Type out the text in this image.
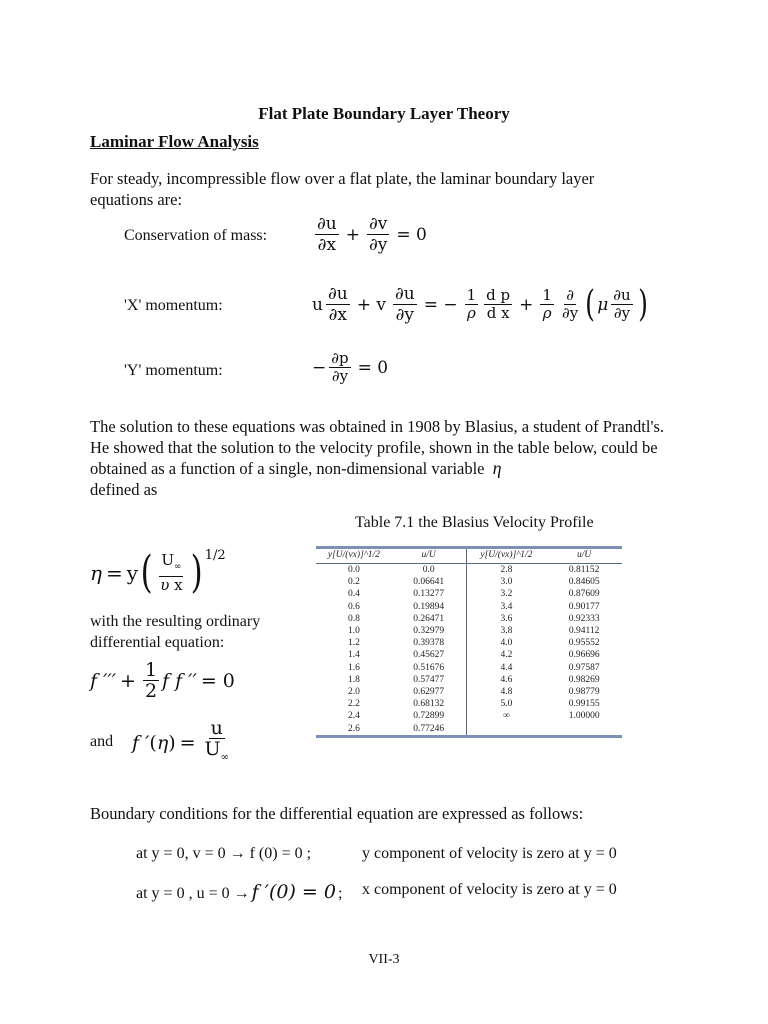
Flat Plate Boundary Layer Theory
Laminar Flow Analysis
For steady, incompressible flow over a flat plate, the laminar boundary layer equations are:
Conservation of mass:	$\frac{\partial u}{\partial x} + \frac{\partial v}{\partial y} = 0$
'X' momentum:	u $\frac{\partial u}{\partial x} + v \frac{\partial u}{\partial y}$ = − $\frac{1}{\rho} \frac{\text{d p}}{\text{d x}} + \frac{1}{\rho} \frac{\partial}{\partial y}$ ( μ $\frac{\partial u}{\partial y}$ )
'Y' momentum:	− $\frac{\partial p}{\partial y} = 0$
The solution to these equations was obtained in 1908 by Blasius, a student of Prandtl's. He showed that the solution to the velocity profile, shown in the table below, could be obtained as a function of a single, non-dimensional variable η
defined as
Table 7.1 the Blasius Velocity Profile
y[U/(νx)]^1/2	u/U	y[U/(νx)]^1/2	u/U
0.0	0.0	2.8	0.81152
0.2	0.06641	3.0	0.84605
0.4	0.13277	3.2	0.87609
0.6	0.19894	3.4	0.90177
0.8	0.26471	3.6	0.92333
1.0	0.32979	3.8	0.94112
1.2	0.39378	4.0	0.95552
1.4	0.45627	4.2	0.96696
1.6	0.51676	4.4	0.97587
1.8	0.57477	4.6	0.98269
2.0	0.62977	4.8	0.98779
2.2	0.68132	5.0	0.99155
2.4	0.72899	∞	1.00000
2.6	0.77246		
η = y ( $\frac{U_\infty}{\text{υ x}} )^{1/2}$
with the resulting ordinary differential equation:
f ′′′ + $\frac{1}{2}$ f f ′′ = 0
and f ′ ( η ) = $\frac{u}{U_\infty}$
Boundary conditions for the differential equation are expressed as follows:
at y = 0, v = 0 → f (0) = 0 ;	y component of velocity is zero at y = 0
at y = 0 , u = 0 → f ′(0) = 0 ; x component of velocity is zero at y = 0
VII-3
